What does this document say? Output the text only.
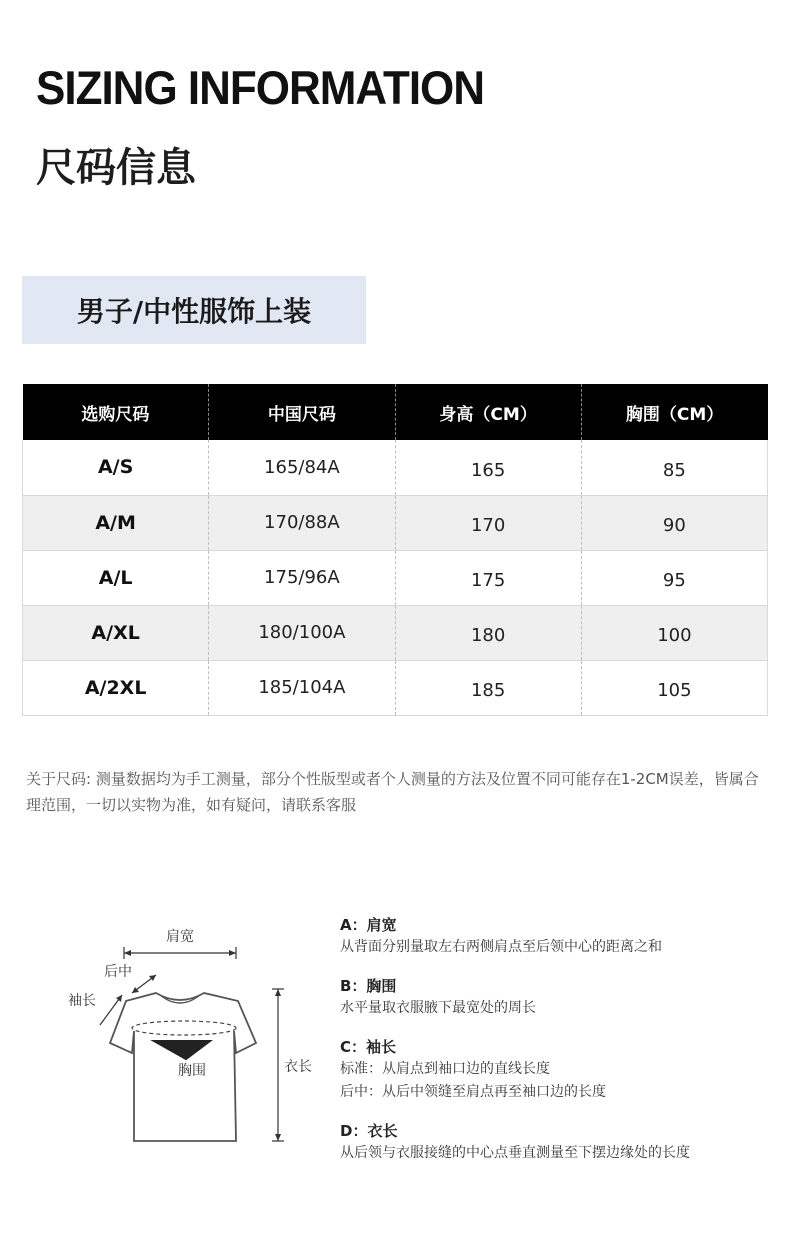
SIZING INFORMATION
尺码信息
男子/中性服饰上装
选购尺码	中国尺码	身高（CM）	胸围（CM）
A/S	165/84A	165	85
A/M	170/88A	170	90
A/L	175/96A	175	95
A/XL	180/100A	180	100
A/2XL	185/104A	185	105
关于尺码: 测量数据均为手工测量，部分个性版型或者个人测量的方法及位置不同可能存在1-2CM误差，皆属合理范围，一切以实物为准，如有疑问，请联系客服
肩宽
后中
袖长
胸围	衣长
A：肩宽
从背面分别量取左右两侧肩点至后领中心的距离之和
B：胸围
水平量取衣服腋下最宽处的周长
C：袖长
标准：从肩点到袖口边的直线长度
后中：从后中领缝至肩点再至袖口边的长度
D：衣长
从后领与衣服接缝的中心点垂直测量至下摆边缘处的长度
